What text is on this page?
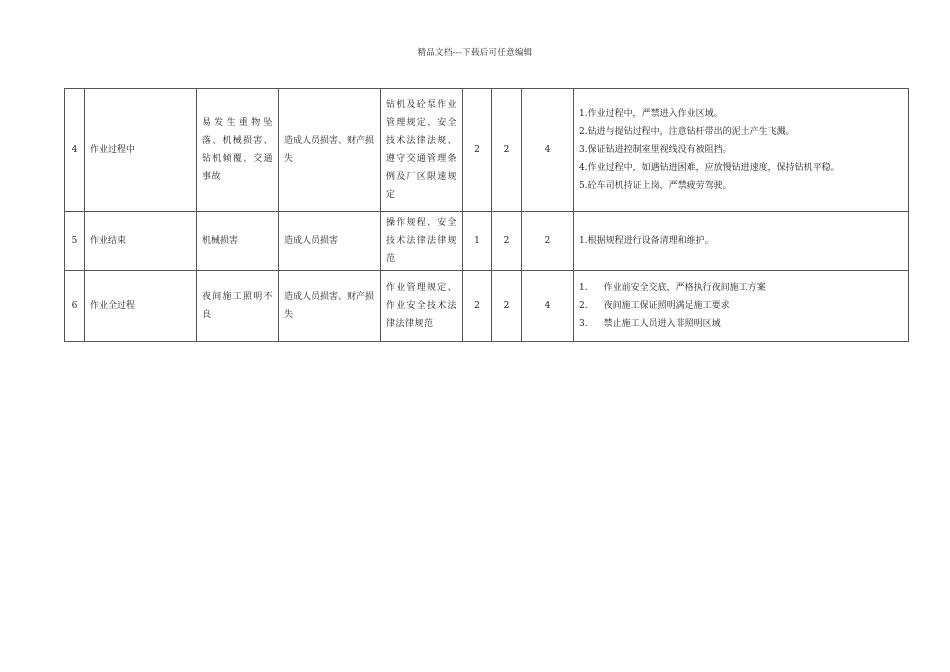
精品文档---下载后可任意编辑
4	作业过程中	易发生重物坠落、机械损害、钻机倾覆、交通事故	造成人员损害、财产损失	钻机及砼泵作业管理规定、安全技术法律法规、遵守交通管理条例及厂区限速规定	2	2	4	1.作业过程中，严禁进入作业区域。
2.钻进与提钻过程中，注意钻杆带出的泥土产生飞溅。
3.保证钻进控制室里视线没有被阻挡。
4.作业过程中，如遇钻进困难，应放慢钻进速度，保持钻机平稳。
5.砼车司机持证上岗，严禁疲劳驾驶。

5	作业结束	机械损害	造成人员损害	操作规程、安全技术法律法律规范	1	2	2	1.根据规程进行设备清理和维护。

6	作业全过程	夜间施工照明不良	造成人员损害、财产损失	作业管理规定、作业安全技术法律法律规范	2	2	4	1. 作业前安全交底，严格执行夜间施工方案
2. 夜间施工保证照明满足施工要求
3. 禁止施工人员进入非照明区域
